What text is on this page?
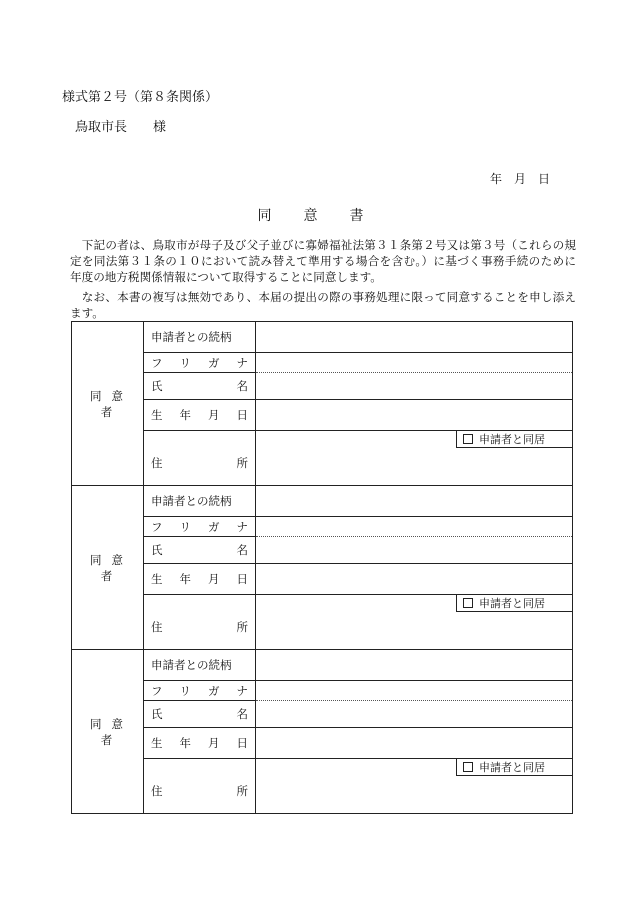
様式第２号（第８条関係）
鳥取市長　　様
年　月　日
同　意　書
　下記の者は、鳥取市が母子及び父子並びに寡婦福祉法第３１条第２号又は第３号（これらの規定を同法第３１条の１０において読み替えて準用する場合を含む。）に基づく事務手続のために　　　　年度の地方税関係情報について取得することに同意します。
　なお、本書の複写は無効であり、本届の提出の際の事務処理に限って同意することを申し添えます。
同意者	申請者との続柄	

	フ リ ガ ナ	

	氏 名	

	生 年 月 日	

	住 所	申請者と同居

同意者	申請者との続柄	

	フ リ ガ ナ	

	氏 名	

	生 年 月 日	

	住 所	申請者と同居

同意者	申請者との続柄	

	フ リ ガ ナ	

	氏 名	

	生 年 月 日	

	住 所	申請者と同居
